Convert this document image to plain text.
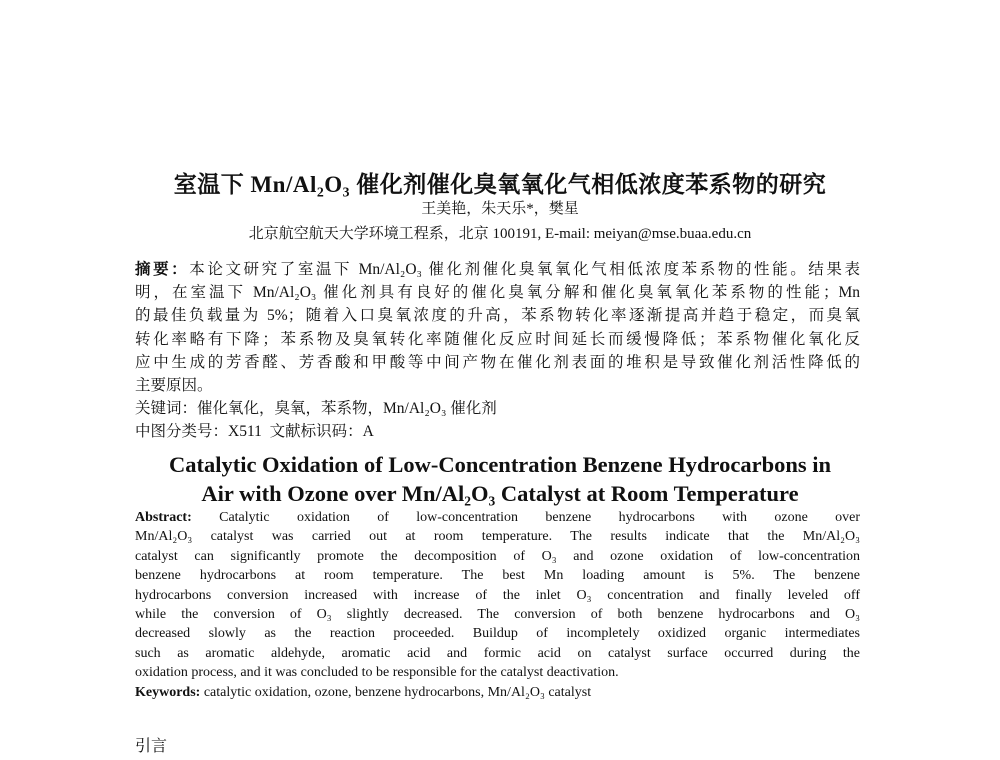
室温下 Mn/Al₂O₃ 催化剂催化臭氧氧化气相低浓度苯系物的研究
王美艳，朱天乐*，樊星
北京航空航天大学环境工程系，北京 100191, E-mail: meiyan@mse.buaa.edu.cn
摘要：本论文研究了室温下 Mn/Al₂O₃ 催化剂催化臭氧氧化气相低浓度苯系物的性能。结果表
明，在室温下 Mn/Al₂O₃ 催化剂具有良好的催化臭氧分解和催化臭氧氧化苯系物的性能；Mn
的最佳负载量为 5%；随着入口臭氧浓度的升高，苯系物转化率逐渐提高并趋于稳定，而臭氧
转化率略有下降；苯系物及臭氧转化率随催化反应时间延长而缓慢降低；苯系物催化氧化反
应中生成的芳香醛、芳香酸和甲酸等中间产物在催化剂表面的堆积是导致催化剂活性降低的
主要原因。
关键词：催化氧化，臭氧，苯系物，Mn/Al₂O₃ 催化剂
中图分类号：X511 文献标识码：A
Catalytic Oxidation of Low-Concentration Benzene Hydrocarbons in
Air with Ozone over Mn/Al₂O₃ Catalyst at Room Temperature
Abstract: Catalytic oxidation of low-concentration benzene hydrocarbons with ozone over
Mn/Al₂O₃ catalyst was carried out at room temperature. The results indicate that the Mn/Al₂O₃
catalyst can significantly promote the decomposition of O₃ and ozone oxidation of low-concentration
benzene hydrocarbons at room temperature. The best Mn loading amount is 5%. The benzene
hydrocarbons conversion increased with increase of the inlet O₃ concentration and finally leveled off
while the conversion of O₃ slightly decreased. The conversion of both benzene hydrocarbons and O₃
decreased slowly as the reaction proceeded. Buildup of incompletely oxidized organic intermediates
such as aromatic aldehyde, aromatic acid and formic acid on catalyst surface occurred during the
oxidation process, and it was concluded to be responsible for the catalyst deactivation.
Keywords: catalytic oxidation, ozone, benzene hydrocarbons, Mn/Al₂O₃ catalyst
引言
